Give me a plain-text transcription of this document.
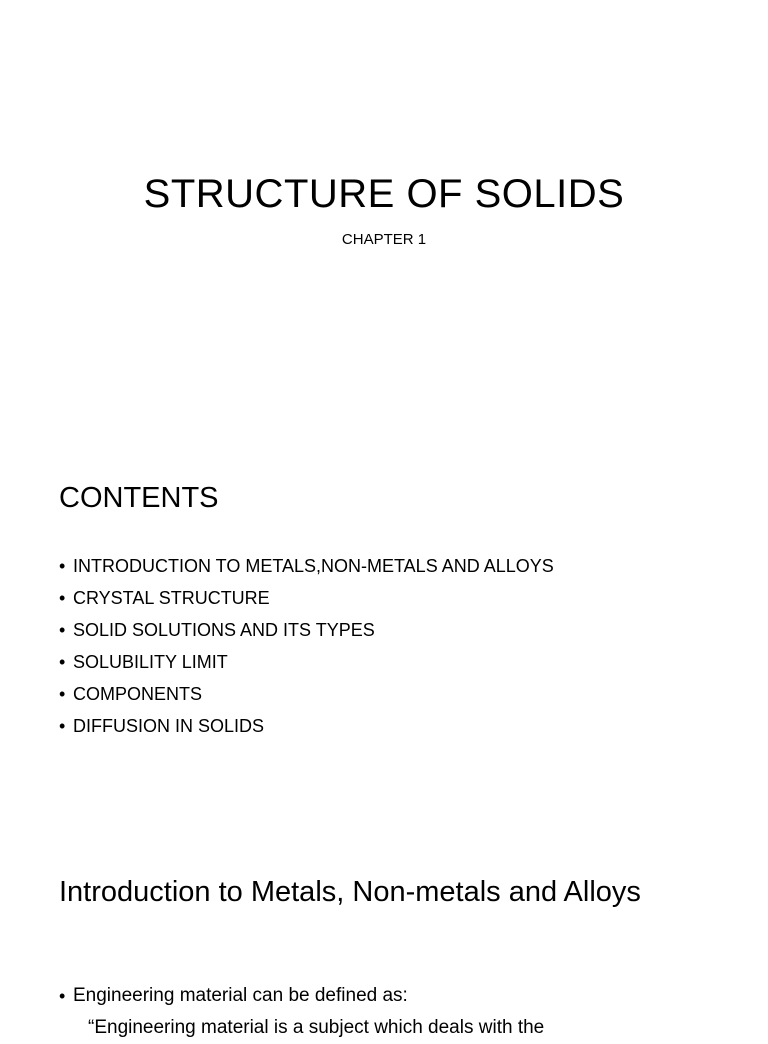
STRUCTURE OF SOLIDS
CHAPTER 1
CONTENTS
• INTRODUCTION TO METALS,NON-METALS AND ALLOYS
• CRYSTAL STRUCTURE
• SOLID SOLUTIONS AND ITS TYPES
• SOLUBILITY LIMIT
• COMPONENTS
• DIFFUSION IN SOLIDS
Introduction to Metals, Non-metals and Alloys
• Engineering material can be defined as:
“Engineering material is a subject which deals with the
